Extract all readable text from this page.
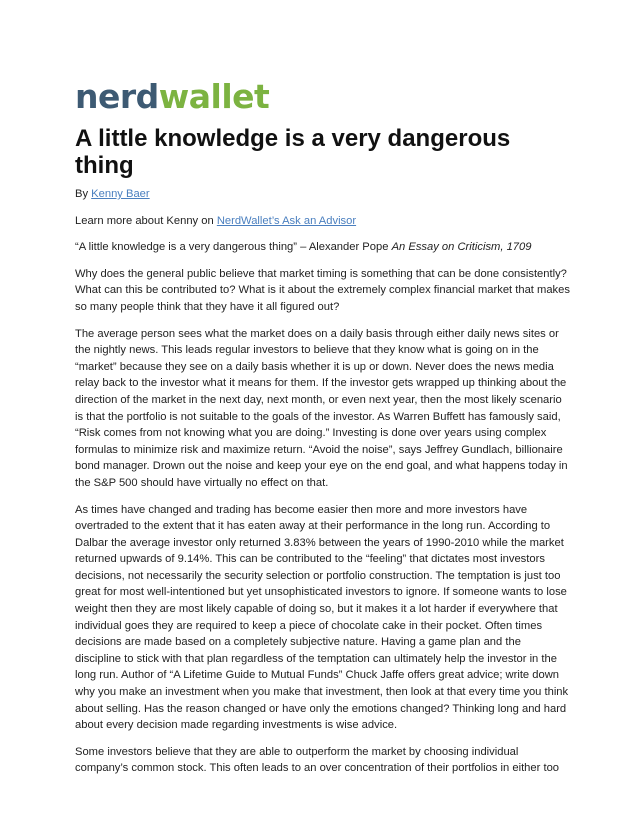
nerdwallet
A little knowledge is a very dangerous thing

By Kenny Baer

Learn more about Kenny on NerdWallet’s Ask an Advisor

“A little knowledge is a very dangerous thing” – Alexander Pope An Essay on Criticism, 1709

Why does the general public believe that market timing is something that can be done consistently? What can this be contributed to? What is it about the extremely complex financial market that makes so many people think that they have it all figured out?

The average person sees what the market does on a daily basis through either daily news sites or the nightly news. This leads regular investors to believe that they know what is going on in the “market” because they see on a daily basis whether it is up or down. Never does the news media relay back to the investor what it means for them. If the investor gets wrapped up thinking about the direction of the market in the next day, next month, or even next year, then the most likely scenario is that the portfolio is not suitable to the goals of the investor. As Warren Buffett has famously said, “Risk comes from not knowing what you are doing.” Investing is done over years using complex formulas to minimize risk and maximize return. “Avoid the noise”, says Jeffrey Gundlach, billionaire bond manager. Drown out the noise and keep your eye on the end goal, and what happens today in the S&P 500 should have virtually no effect on that.

As times have changed and trading has become easier then more and more investors have overtraded to the extent that it has eaten away at their performance in the long run. According to Dalbar the average investor only returned 3.83% between the years of 1990-2010 while the market returned upwards of 9.14%. This can be contributed to the “feeling” that dictates most investors decisions, not necessarily the security selection or portfolio construction. The temptation is just too great for most well-intentioned but yet unsophisticated investors to ignore. If someone wants to lose weight then they are most likely capable of doing so, but it makes it a lot harder if everywhere that individual goes they are required to keep a piece of chocolate cake in their pocket. Often times decisions are made based on a completely subjective nature. Having a game plan and the discipline to stick with that plan regardless of the temptation can ultimately help the investor in the long run. Author of “A Lifetime Guide to Mutual Funds” Chuck Jaffe offers great advice; write down why you make an investment when you make that investment, then look at that every time you think about selling. Has the reason changed or have only the emotions changed? Thinking long and hard about every decision made regarding investments is wise advice.

Some investors believe that they are able to outperform the market by choosing individual company’s common stock. This often leads to an over concentration of their portfolios in either too
